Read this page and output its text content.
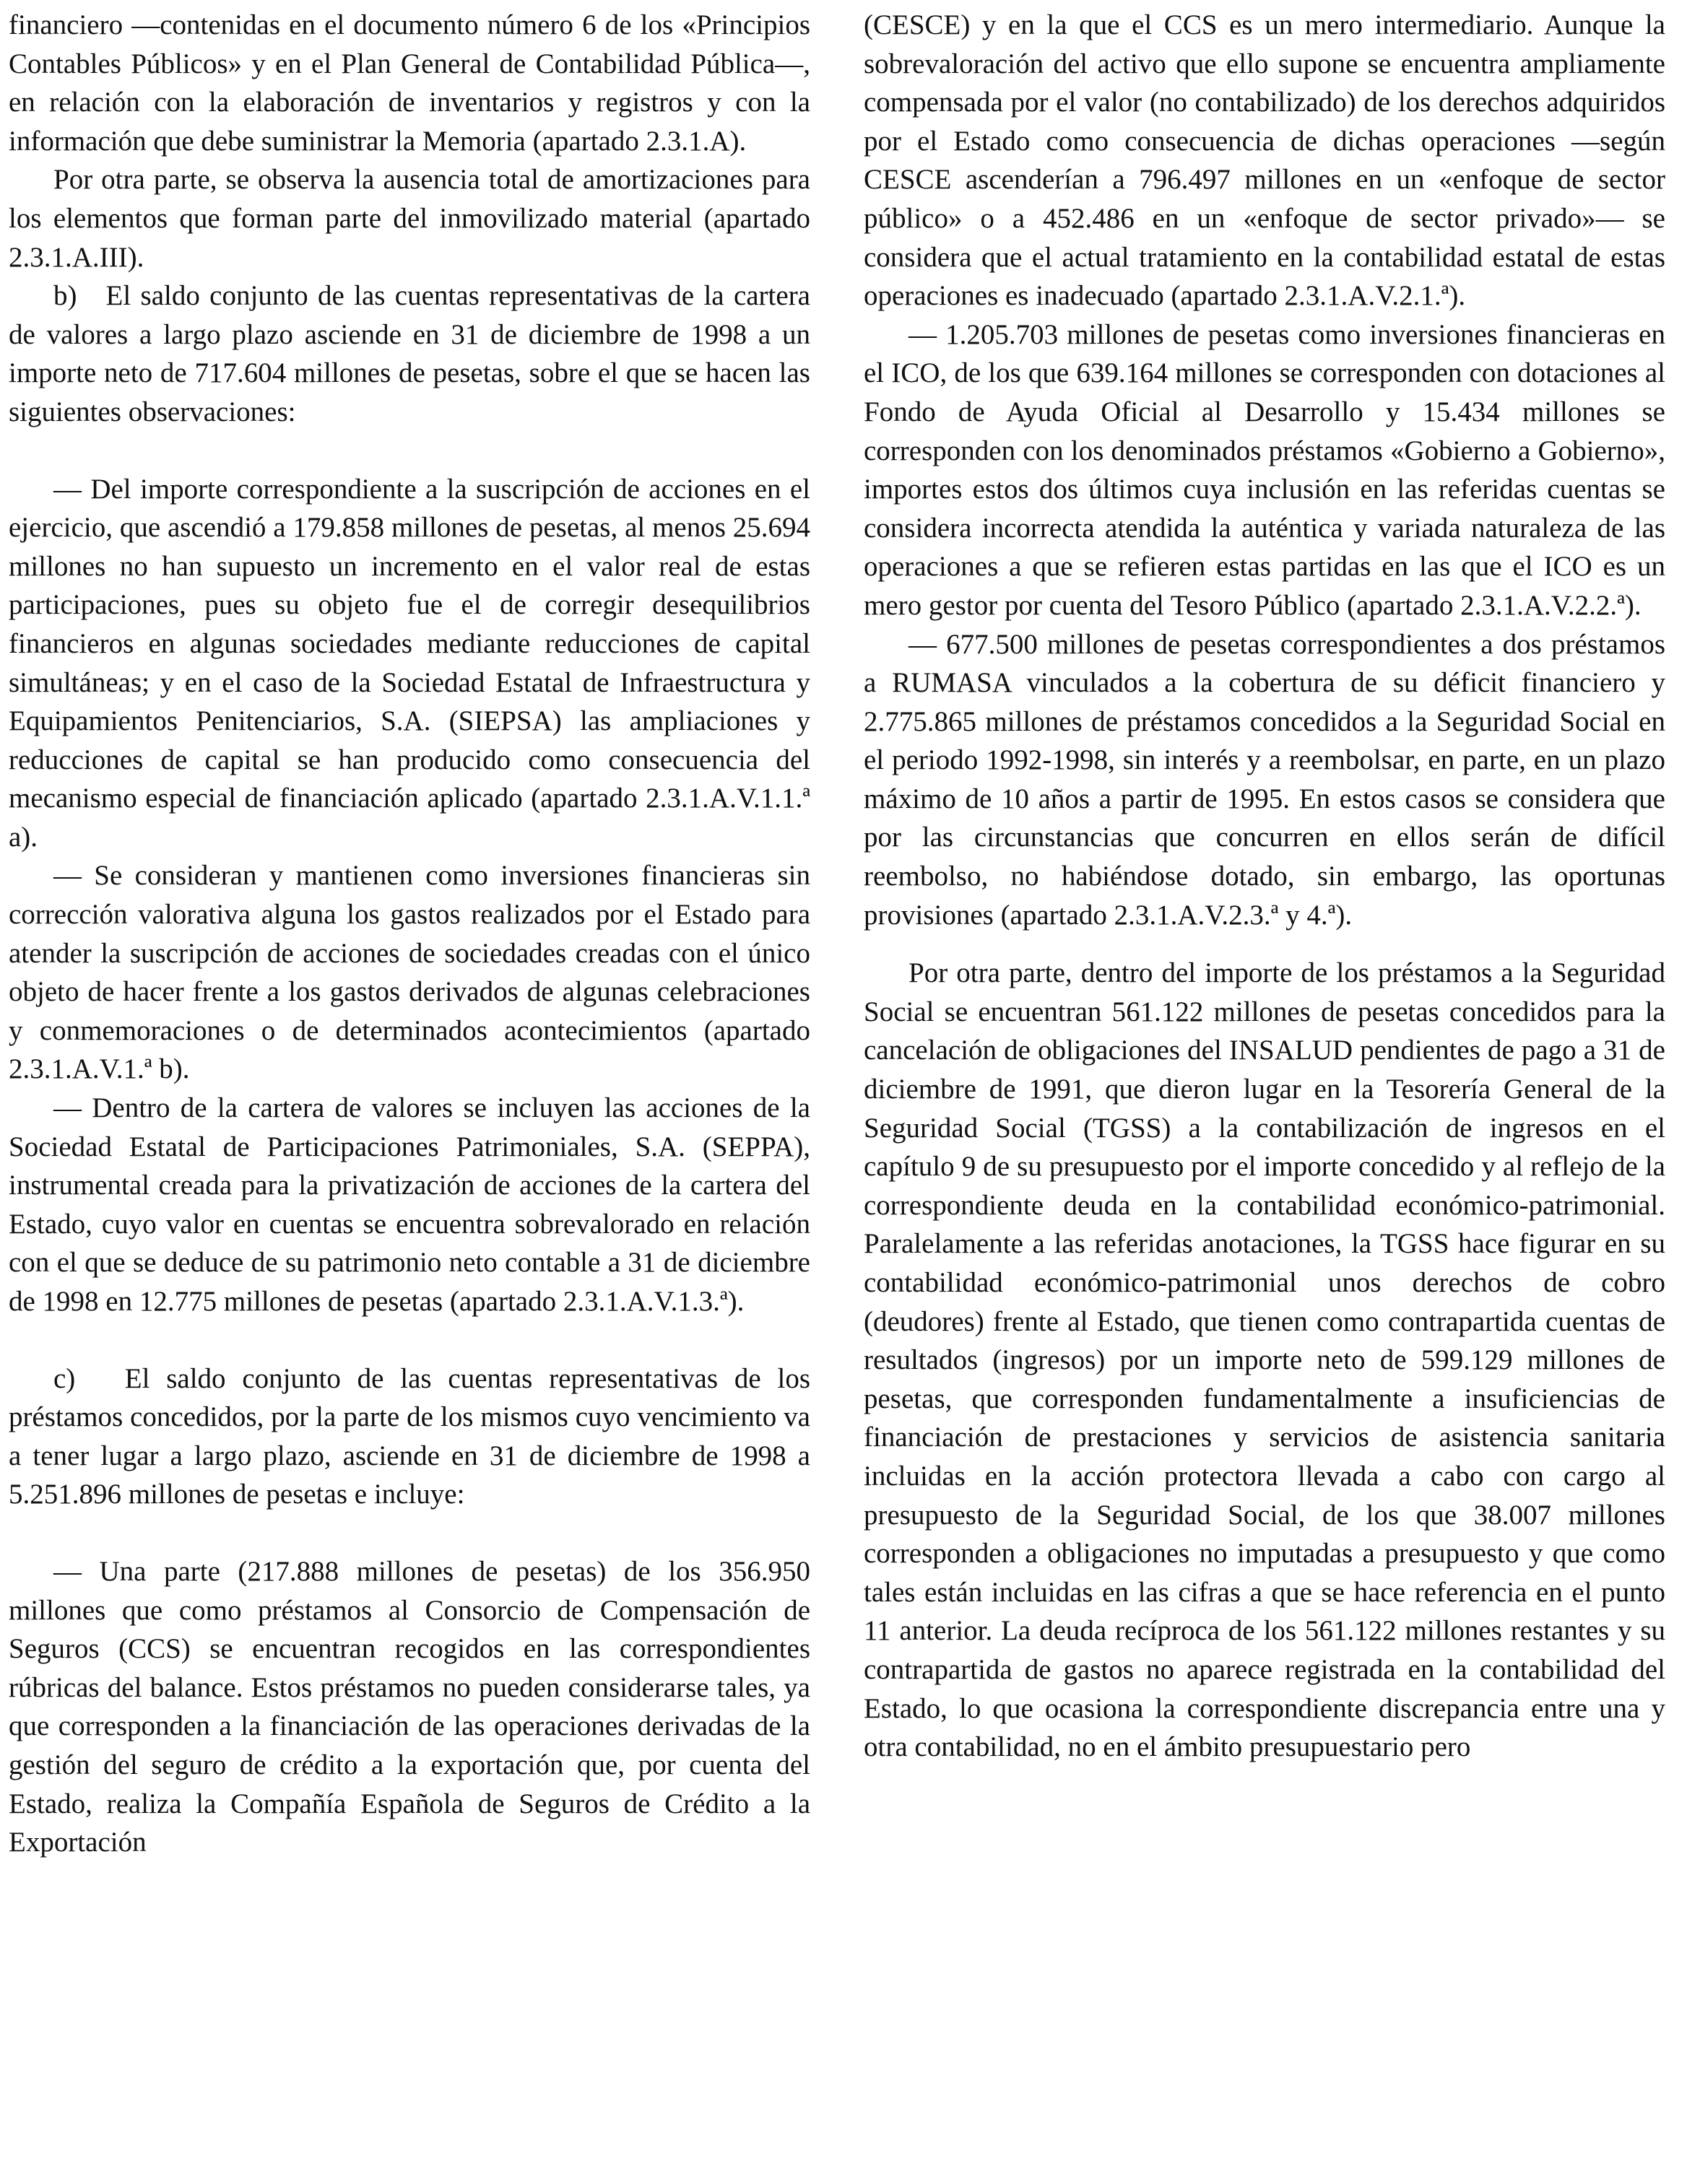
financiero —contenidas en el documento número 6 de los «Principios Contables Públicos» y en el Plan General de Contabilidad Pública—, en relación con la elaboración de inventarios y registros y con la información que debe suministrar la Memoria (apartado 2.3.1.A).

Por otra parte, se observa la ausencia total de amortizaciones para los elementos que forman parte del inmovilizado material (apartado 2.3.1.A.III).

b) El saldo conjunto de las cuentas representativas de la cartera de valores a largo plazo asciende en 31 de diciembre de 1998 a un importe neto de 717.604 millones de pesetas, sobre el que se hacen las siguientes observaciones:

— Del importe correspondiente a la suscripción de acciones en el ejercicio, que ascendió a 179.858 millones de pesetas, al menos 25.694 millones no han supuesto un incremento en el valor real de estas participaciones, pues su objeto fue el de corregir desequilibrios financieros en algunas sociedades mediante reducciones de capital simultáneas; y en el caso de la Sociedad Estatal de Infraestructura y Equipamientos Penitenciarios, S.A. (SIEPSA) las ampliaciones y reducciones de capital se han producido como consecuencia del mecanismo especial de financiación aplicado (apartado 2.3.1.A.V.1.1.ª a).

— Se consideran y mantienen como inversiones financieras sin corrección valorativa alguna los gastos realizados por el Estado para atender la suscripción de acciones de sociedades creadas con el único objeto de hacer frente a los gastos derivados de algunas celebraciones y conmemoraciones o de determinados acontecimientos (apartado 2.3.1.A.V.1.ª b).

— Dentro de la cartera de valores se incluyen las acciones de la Sociedad Estatal de Participaciones Patrimoniales, S.A. (SEPPA), instrumental creada para la privatización de acciones de la cartera del Estado, cuyo valor en cuentas se encuentra sobrevalorado en relación con el que se deduce de su patrimonio neto contable a 31 de diciembre de 1998 en 12.775 millones de pesetas (apartado 2.3.1.A.V.1.3.ª).

c) El saldo conjunto de las cuentas representativas de los préstamos concedidos, por la parte de los mismos cuyo vencimiento va a tener lugar a largo plazo, asciende en 31 de diciembre de 1998 a 5.251.896 millones de pesetas e incluye:

— Una parte (217.888 millones de pesetas) de los 356.950 millones que como préstamos al Consorcio de Compensación de Seguros (CCS) se encuentran recogidos en las correspondientes rúbricas del balance. Estos préstamos no pueden considerarse tales, ya que corresponden a la financiación de las operaciones derivadas de la gestión del seguro de crédito a la exportación que, por cuenta del Estado, realiza la Compañía Española de Seguros de Crédito a la Exportación

(CESCE) y en la que el CCS es un mero intermediario. Aunque la sobrevaloración del activo que ello supone se encuentra ampliamente compensada por el valor (no contabilizado) de los derechos adquiridos por el Estado como consecuencia de dichas operaciones —según CESCE ascenderían a 796.497 millones en un «enfoque de sector público» o a 452.486 en un «enfoque de sector privado»— se considera que el actual tratamiento en la contabilidad estatal de estas operaciones es inadecuado (apartado 2.3.1.A.V.2.1.ª).

— 1.205.703 millones de pesetas como inversiones financieras en el ICO, de los que 639.164 millones se corresponden con dotaciones al Fondo de Ayuda Oficial al Desarrollo y 15.434 millones se corresponden con los denominados préstamos «Gobierno a Gobierno», importes estos dos últimos cuya inclusión en las referidas cuentas se considera incorrecta atendida la auténtica y variada naturaleza de las operaciones a que se refieren estas partidas en las que el ICO es un mero gestor por cuenta del Tesoro Público (apartado 2.3.1.A.V.2.2.ª).

— 677.500 millones de pesetas correspondientes a dos préstamos a RUMASA vinculados a la cobertura de su déficit financiero y 2.775.865 millones de préstamos concedidos a la Seguridad Social en el periodo 1992-1998, sin interés y a reembolsar, en parte, en un plazo máximo de 10 años a partir de 1995. En estos casos se considera que por las circunstancias que concurren en ellos serán de difícil reembolso, no habiéndose dotado, sin embargo, las oportunas provisiones (apartado 2.3.1.A.V.2.3.ª y 4.ª).

Por otra parte, dentro del importe de los préstamos a la Seguridad Social se encuentran 561.122 millones de pesetas concedidos para la cancelación de obligaciones del INSALUD pendientes de pago a 31 de diciembre de 1991, que dieron lugar en la Tesorería General de la Seguridad Social (TGSS) a la contabilización de ingresos en el capítulo 9 de su presupuesto por el importe concedido y al reflejo de la correspondiente deuda en la contabilidad económico-patrimonial. Paralelamente a las referidas anotaciones, la TGSS hace figurar en su contabilidad económico-patrimonial unos derechos de cobro (deudores) frente al Estado, que tienen como contrapartida cuentas de resultados (ingresos) por un importe neto de 599.129 millones de pesetas, que corresponden fundamentalmente a insuficiencias de financiación de prestaciones y servicios de asistencia sanitaria incluidas en la acción protectora llevada a cabo con cargo al presupuesto de la Seguridad Social, de los que 38.007 millones corresponden a obligaciones no imputadas a presupuesto y que como tales están incluidas en las cifras a que se hace referencia en el punto 11 anterior. La deuda recíproca de los 561.122 millones restantes y su contrapartida de gastos no aparece registrada en la contabilidad del Estado, lo que ocasiona la correspondiente discrepancia entre una y otra contabilidad, no en el ámbito presupuestario pero
